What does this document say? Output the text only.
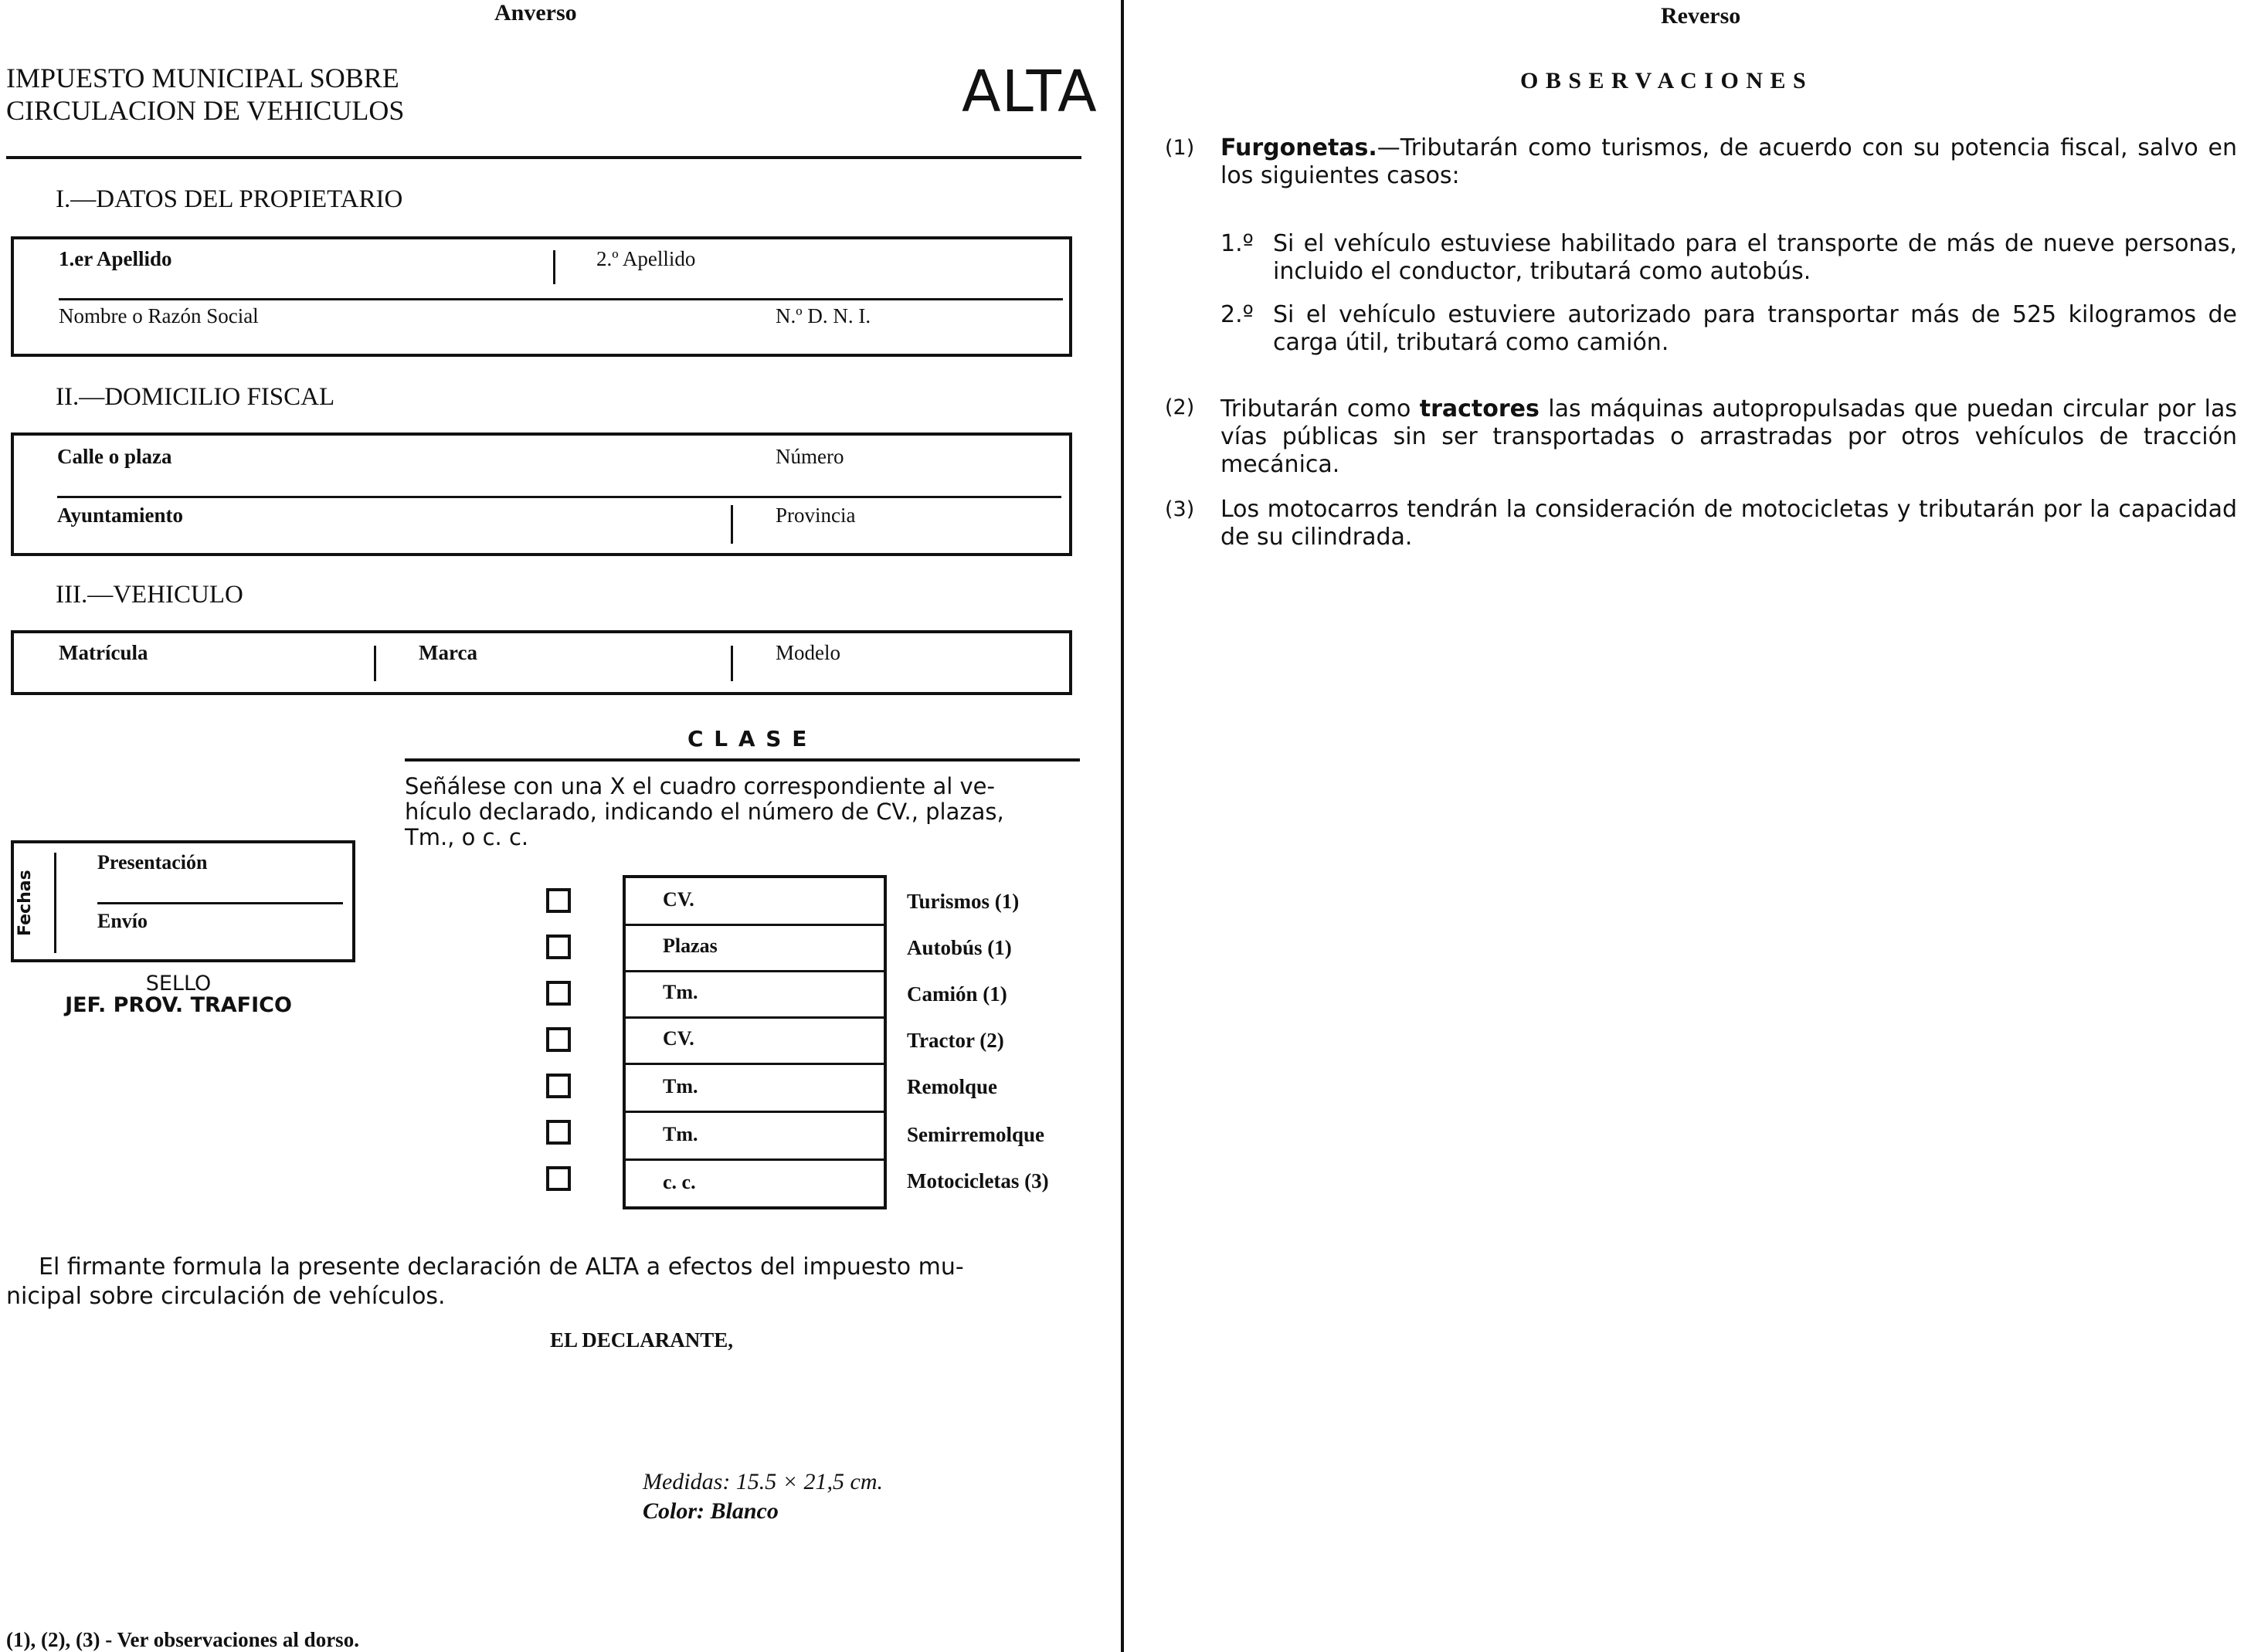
Anverso
IMPUESTO MUNICIPAL SOBRE
CIRCULACION DE VEHICULOS	ALTA
I.—DATOS DEL PROPIETARIO
1.er Apellido	2.º Apellido
Nombre o Razón Social	N.º D. N. I.
II.—DOMICILIO FISCAL
Calle o plaza	Número
Ayuntamiento	Provincia
III.—VEHICULO
Matrícula	Marca	Modelo
C L A S E
Señálese con una X el cuadro correspondiente al ve-
hículo declarado, indicando el número de CV., plazas,
Tm., o c. c.
CV.	Turismos (1)
Plazas	Autobús (1)
Tm.	Camión (1)
CV.	Tractor (2)
Tm.	Remolque
Tm.	Semirremolque
c. c.	Motocicletas (3)
Fechas
Presentación
Envío
SELLO
JEF. PROV. TRAFICO
El firmante formula la presente declaración de ALTA a efectos del impuesto mu-
nicipal sobre circulación de vehículos.
EL DECLARANTE,
Medidas: 15.5 × 21,5 cm.
Color: Blanco
(1), (2), (3) - Ver observaciones al dorso.
Reverso
O B S E R V A C I O N E S
(1) Furgonetas.—Tributarán como turismos, de acuerdo con su potencia fiscal, salvo en los siguientes casos:
1.º Si el vehículo estuviese habilitado para el transporte de más de nueve personas, incluido el conductor, tributará como autobús.
2.º Si el vehículo estuviere autorizado para transportar más de 525 kilogramos de carga útil, tributará como camión.
(2) Tributarán como tractores las máquinas autopropulsadas que puedan circular por las vías públicas sin ser transportadas o arrastradas por otros vehículos de tracción mecánica.
(3) Los motocarros tendrán la consideración de motocicletas y tributarán por la capacidad de su cilindrada.
